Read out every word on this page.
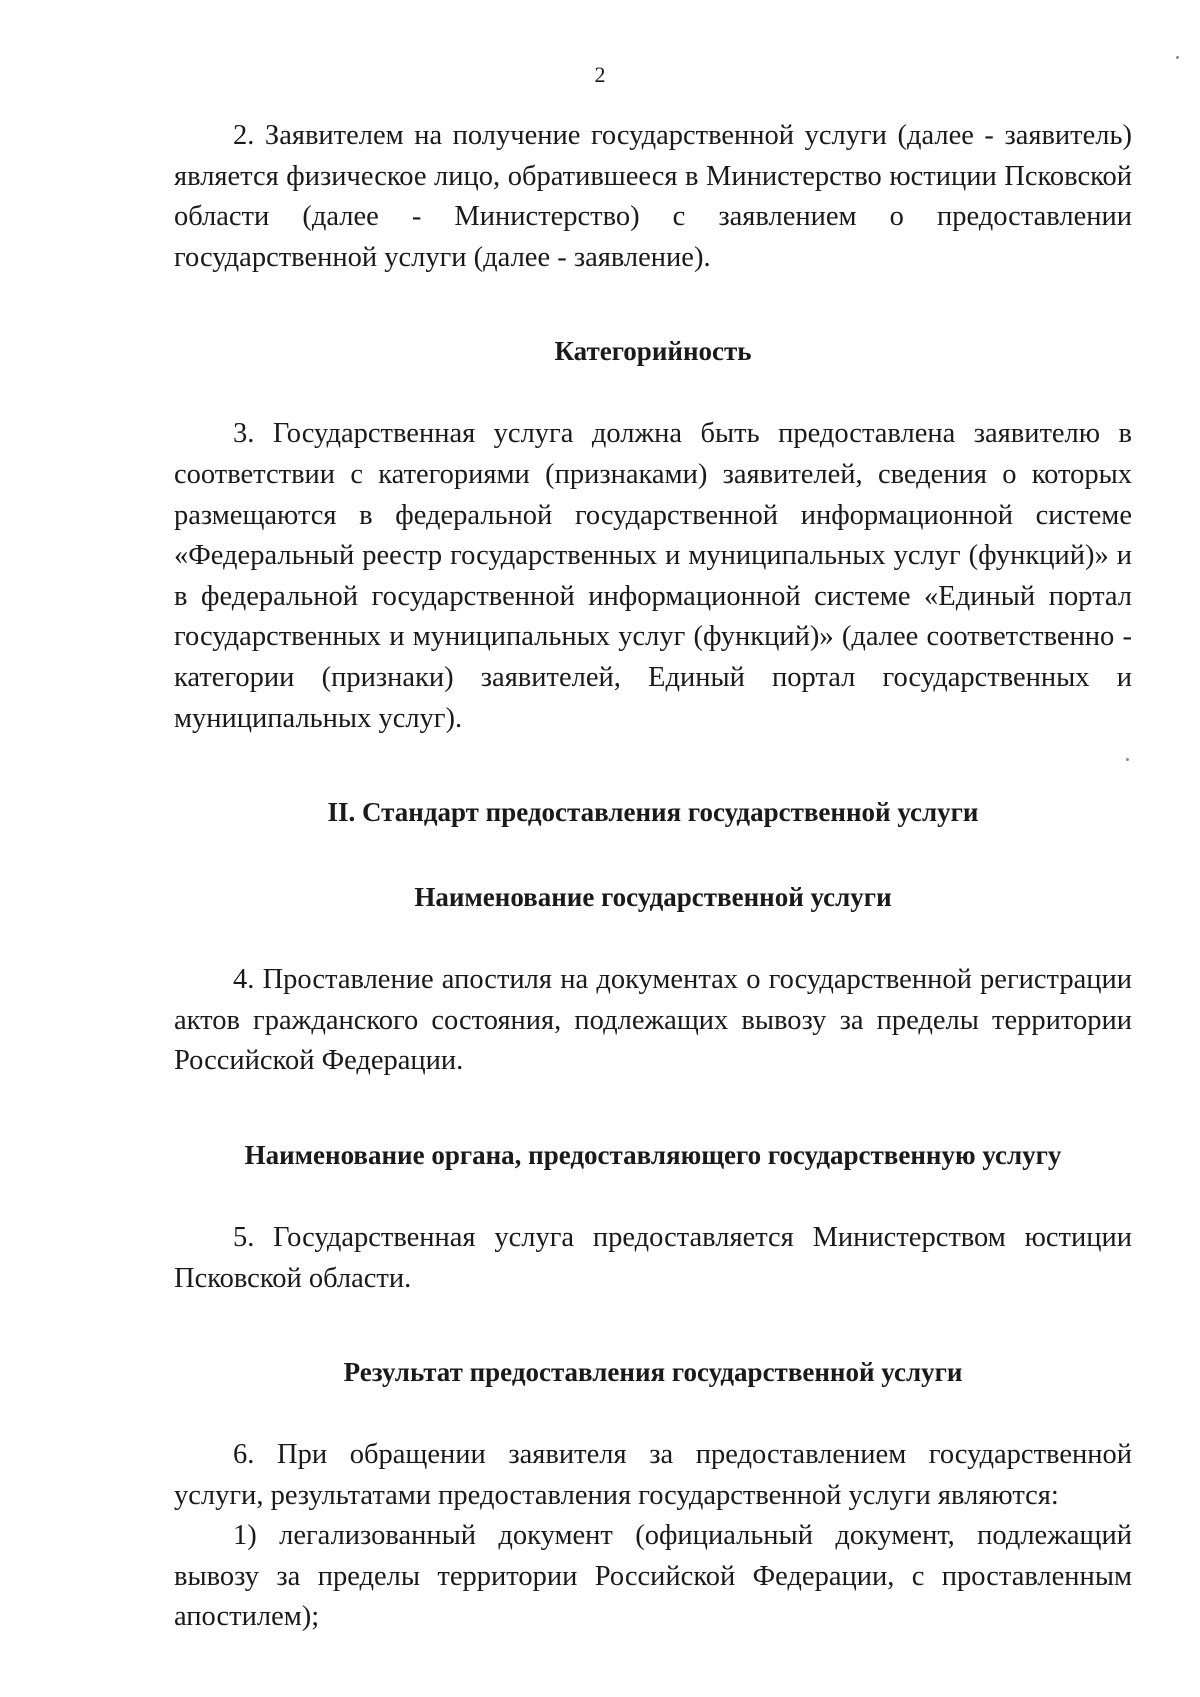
2

2. Заявителем на получение государственной услуги (далее - заявитель) является физическое лицо, обратившееся в Министерство юстиции Псковской области (далее - Министерство) с заявлением о предоставлении государственной услуги (далее - заявление).

Категорийность

3. Государственная услуга должна быть предоставлена заявителю в соответствии с категориями (признаками) заявителей, сведения о которых размещаются в федеральной государственной информационной системе «Федеральный реестр государственных и муниципальных услуг (функций)» и в федеральной государственной информационной системе «Единый портал государственных и муниципальных услуг (функций)» (далее соответственно - категории (признаки) заявителей, Единый портал государственных и муниципальных услуг).

II. Стандарт предоставления государственной услуги
Наименование государственной услуги

4. Проставление апостиля на документах о государственной регистрации актов гражданского состояния, подлежащих вывозу за пределы территории Российской Федерации.

Наименование органа, предоставляющего государственную услугу

5. Государственная услуга предоставляется Министерством юстиции Псковской области.

Результат предоставления государственной услуги

6. При обращении заявителя за предоставлением государственной услуги, результатами предоставления государственной услуги являются:

1) легализованный документ (официальный документ, подлежащий вывозу за пределы территории Российской Федерации, с проставленным апостилем);
